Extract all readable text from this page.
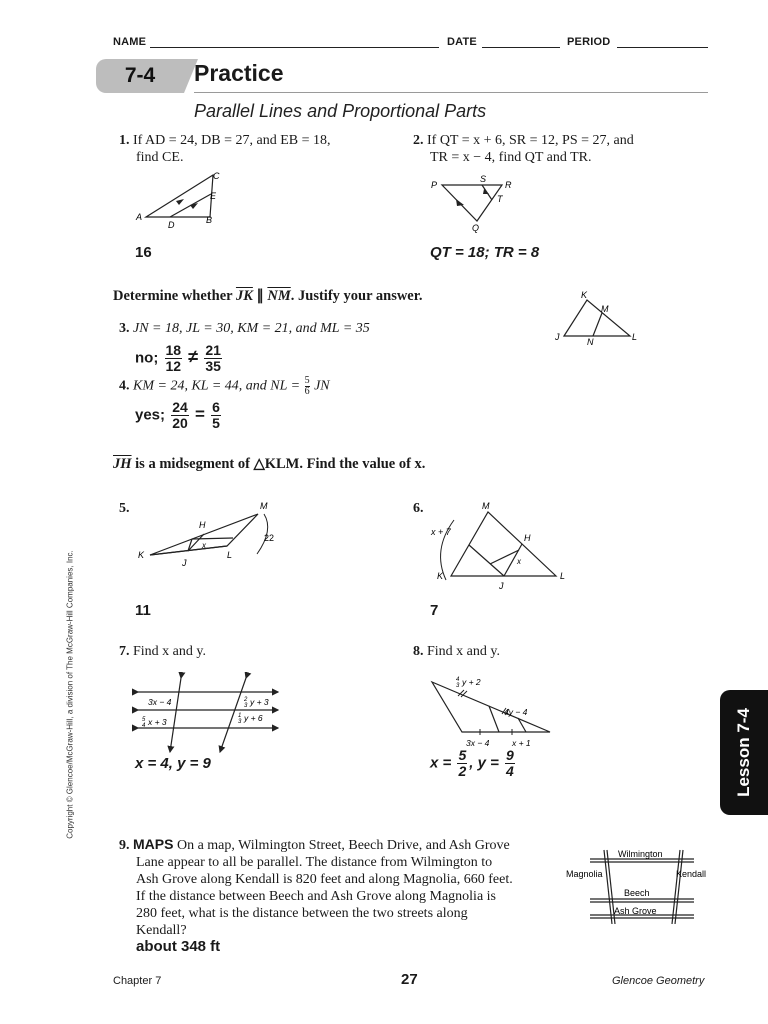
NAME	DATE	PERIOD
7-4 Practice
Parallel Lines and Proportional Parts
1. If AD = 24, DB = 27, and EB = 18,
find CE.
C
E
A
D	B
16
2. If QT = x + 6, SR = 12, PS = 27, and
TR = x − 4, find QT and TR.
P
S
R
T
Q
QT = 18; TR = 8
Determine whether $\overline{JK}$ ∥ $\overline{NM}$. Justify your answer.	K
M
J	N	L
3. JN = 18, JL = 30, KM = 21, and ML = 35
no; $\frac{18}{12} \ne \frac{21}{35}$
4. KM = 24, KL = 44, and NL = $\frac{5}{6}$ JN
yes; $\frac{24}{20} = \frac{6}{5}$
$\overline{JH}$ is a midsegment of △KLM. Find the value of x.
5.	M
H
x
K
J
L
22
11
6.	M
x + 7
H
x
K
J
L
7
7. Find x and y.
3x − 4
5
4 x + 3
2
3 y + 3
1
3 y + 6
x = 4, y = 9
8. Find x and y.
4
3 y + 2
4y − 4
3x − 4	x + 1
$x = \frac{5}{2}$ , $y = \frac{9}{4}$
9. MAPS On a map, Wilmington Street, Beech Drive, and Ash Grove
Lane appear to all be parallel. The distance from Wilmington to
Ash Grove along Kendall is 820 feet and along Magnolia, 660 feet.
If the distance between Beech and Ash Grove along Magnolia is
280 feet, what is the distance between the two streets along
Kendall?
about 348 ft
Wilmington
Magnolia	Kendall
Beech
Ash Grove
Lesson 7-4
Copyright © Glencoe/McGraw-Hill, a division of The McGraw-Hill Companies, Inc.
Chapter 7	27	Glencoe Geometry
